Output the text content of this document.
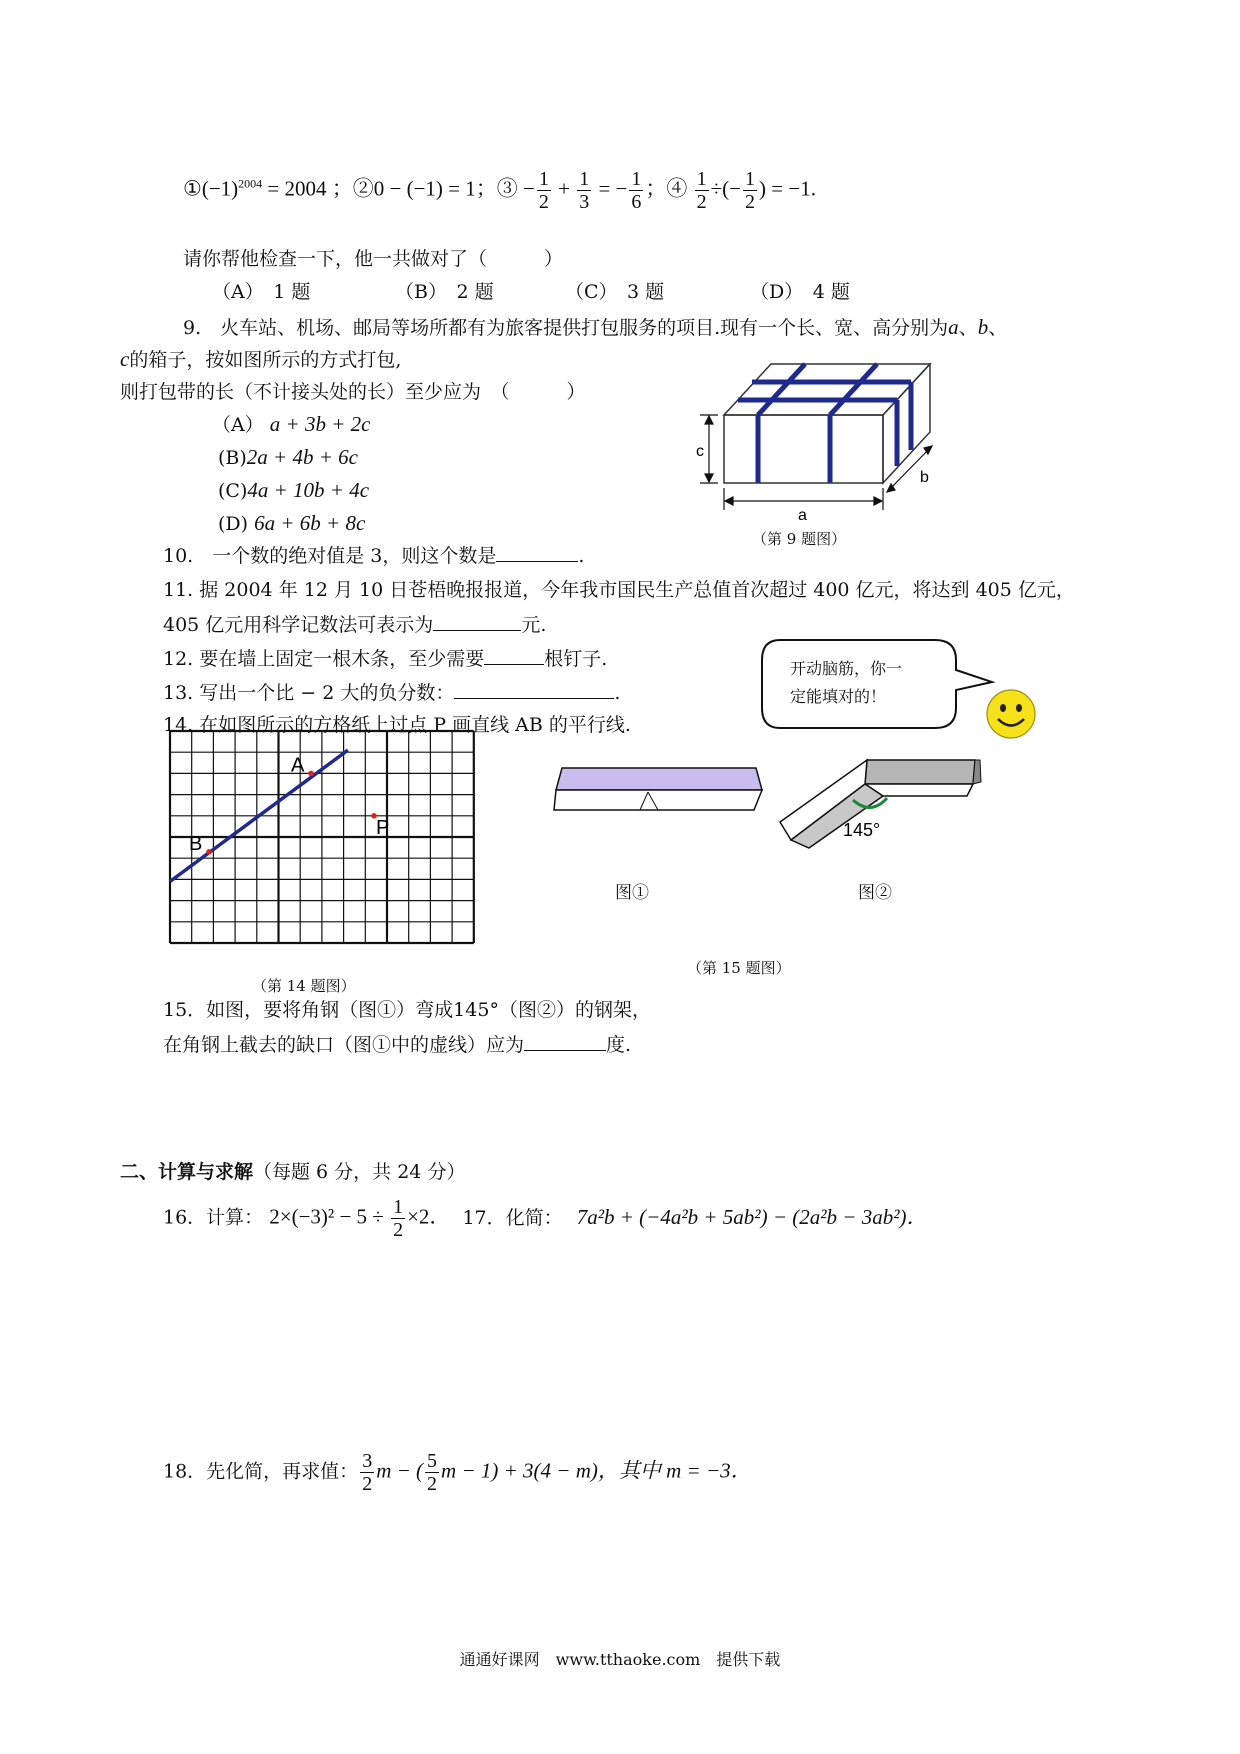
$①(-1)^{2004} = 2004$ ；②0 − (−1) = 1；③ − $\frac{1}{2} + \frac{1}{3}$ = − $\frac{1}{6}$ ；④ $\frac{1}{2}$ ÷(− $\frac{1}{2}$ ) = −1.
请你帮他检查一下，他一共做对了（　　　）
（A）　1 题	（B）　2 题	（C）　3 题	（D）　4 题
9.　火车站、机场、邮局等场所都有为旅客提供打包服务的项目.现有一个长、宽、高分别为a、b、
c的箱子，按如图所示的方式打包,
则打包带的长（不计接头处的长）至少应为　（　　　）
（A） a + 3b + 2c
(B)2a + 4b + 6c
(C)4a + 10b + 4c
(D) 6a + 6b + 8c
c
a
b
（第 9 题图）
10.　一个数的绝对值是 3，则这个数是	.
11. 据 2004 年 12 月 10 日苍梧晚报报道，今年我市国民生产总值首次超过 400 亿元，将达到 405 亿元，
405 亿元用科学记数法可表示为	元.
12. 要在墙上固定一根木条，至少需要	根钉子.
13. 写出一个比 − 2 大的负分数：	.
14. 在如图所示的方格纸上过点 P 画直线 AB 的平行线.
开动脑筋，你一
定能填对的！
A
B
P
（第 14 题图）
145°
图①	图②
（第 15 题图）
15．如图，要将角钢（图①）弯成145°（图②）的钢架，
在角钢上截去的缺口（图①中的虚线）应为	度.
二、计算与求解（每题 6 分，共 24 分）
16．计算： $2\times(-3)^2 - 5 \div \frac{1}{2} \times 2$． 17．化简： 7a²b + (−4a²b + 5ab²) − (2a²b − 3ab²)．
18．先化简，再求值： $\frac{3}{2}$ m − ( $\frac{5}{2}$ m − 1) + 3(4 − m)，其中 m = −3．
通通好课网　www.tthaoke.com　提供下载
